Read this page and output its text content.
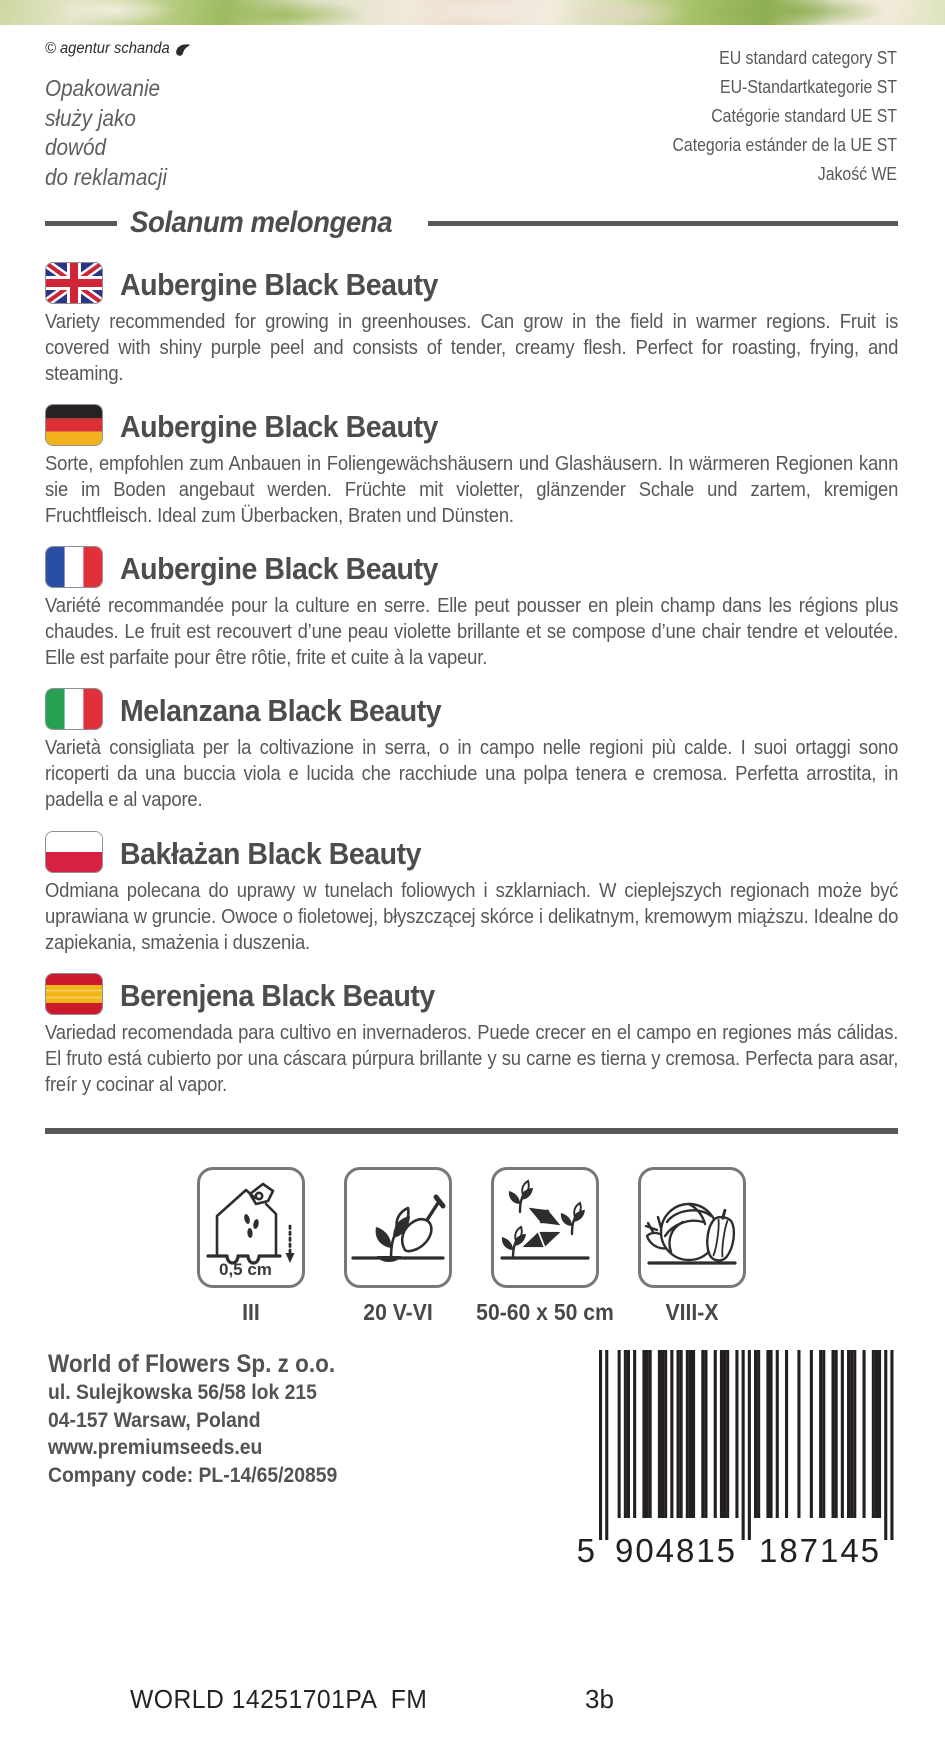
© agentur schanda
Opakowanie
służy jako
dowód
do reklamacji
EU standard category ST
EU-Standartkategorie ST
Catégorie standard UE ST
Categoria estánder de la UE ST
Jakość WE
Solanum melongena
Aubergine Black Beauty
Variety recommended for growing in greenhouses. Can grow in the field in warmer regions. Fruit is covered with shiny purple peel and consists of tender, creamy flesh. Perfect for roasting, frying, and steaming.
Aubergine Black Beauty
Sorte, empfohlen zum Anbauen in Foliengewächshäusern und Glashäusern. In wärmeren Regionen kann sie im Boden angebaut werden. Früchte mit violetter, glänzender Schale und zartem, kremigen Fruchtfleisch. Ideal zum Überbacken, Braten und Dünsten.
Aubergine Black Beauty
Variété recommandée pour la culture en serre. Elle peut pousser en plein champ dans les régions plus chaudes. Le fruit est recouvert d’une peau violette brillante et se compose d’une chair tendre et veloutée. Elle est parfaite pour être rôtie, frite et cuite à la vapeur.
Melanzana Black Beauty
Varietà consigliata per la coltivazione in serra, o in campo nelle regioni più calde. I suoi ortaggi sono ricoperti da una buccia viola e lucida che racchiude una polpa tenera e cremosa. Perfetta arrostita, in padella e al vapore.
Bakłażan Black Beauty
Odmiana polecana do uprawy w tunelach foliowych i szklarniach. W cieplejszych regionach może być uprawiana w gruncie. Owoce o fioletowej, błyszczącej skórce i delikatnym, kremowym miąższu. Idealne do zapiekania, smażenia i duszenia.
Berenjena Black Beauty
Variedad recomendada para cultivo en invernaderos. Puede crecer en el campo en regiones más cálidas. El fruto está cubierto por una cáscara púrpura brillante y su carne es tierna y cremosa. Perfecta para asar, freír y cocinar al vapor.
0,5 cm
III	20 V-VI	50-60 x 50 cm	VIII-X
World of Flowers Sp. z o.o.
ul. Sulejkowska 56/58 lok 215
04-157 Warsaw, Poland
www.premiumseeds.eu
Company code: PL-14/65/20859
5 904815 187145
WORLD 14251701PA  FM	3b
